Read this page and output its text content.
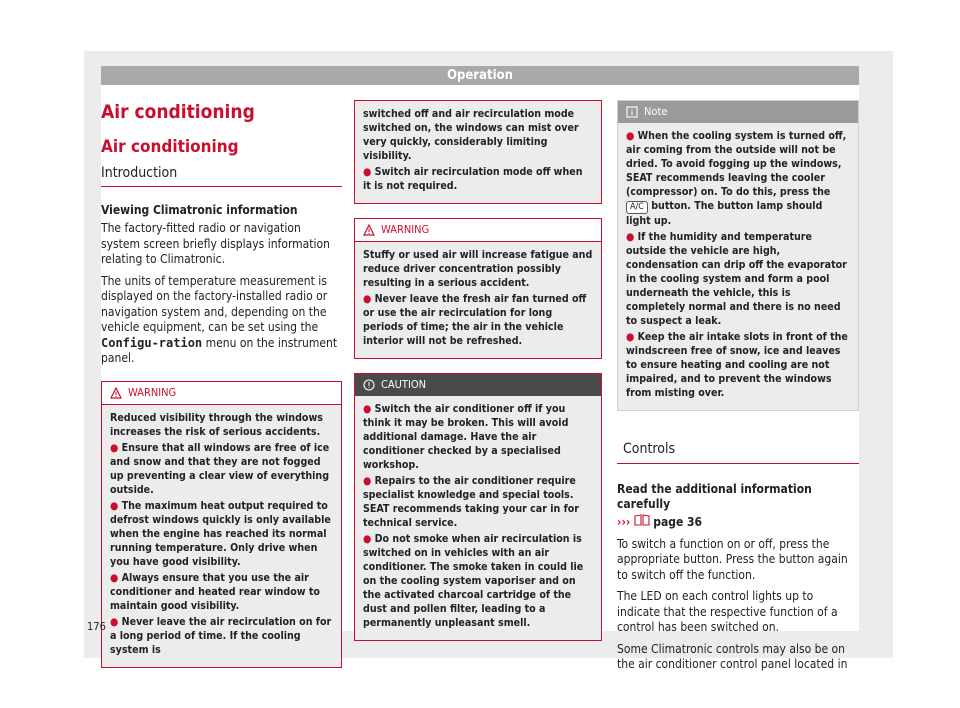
Operation
Air conditioning
Air conditioning
Introduction
Viewing Climatronic information

The factory-fitted radio or navigation system screen briefly displays information relating to Climatronic.

The units of temperature measurement is displayed on the factory-installed radio or navigation system and, depending on the vehicle equipment, can be set using the Configu-ration menu on the instrument panel.

WARNING

Reduced visibility through the windows increases the risk of serious accidents.

● Ensure that all windows are free of ice and snow and that they are not fogged up preventing a clear view of everything outside.

● The maximum heat output required to defrost windows quickly is only available when the engine has reached its normal running temperature. Only drive when you have good visibility.

● Always ensure that you use the air conditioner and heated rear window to maintain good visibility.

● Never leave the air recirculation on for a long period of time. If the cooling system is

switched off and air recirculation mode switched on, the windows can mist over very quickly, considerably limiting visibility.

● Switch air recirculation mode off when it is not required.

WARNING

Stuffy or used air will increase fatigue and reduce driver concentration possibly resulting in a serious accident.

● Never leave the fresh air fan turned off or use the air recirculation for long periods of time; the air in the vehicle interior will not be refreshed.

CAUTION

● Switch the air conditioner off if you think it may be broken. This will avoid additional damage. Have the air conditioner checked by a specialised workshop.

● Repairs to the air conditioner require specialist knowledge and special tools. SEAT recommends taking your car in for technical service.

● Do not smoke when air recirculation is switched on in vehicles with an air conditioner. The smoke taken in could lie on the cooling system vaporiser and on the activated charcoal cartridge of the dust and pollen filter, leading to a permanently unpleasant smell.

Note

● When the cooling system is turned off, air coming from the outside will not be dried. To avoid fogging up the windows, SEAT recommends leaving the cooler (compressor) on. To do this, press the A/C button. The button lamp should light up.

● If the humidity and temperature outside the vehicle are high, condensation can drip off the evaporator in the cooling system and form a pool underneath the vehicle, this is completely normal and there is no need to suspect a leak.

● Keep the air intake slots in front of the windscreen free of snow, ice and leaves to ensure heating and cooling are not impaired, and to prevent the windows from misting over.

Controls
Read the additional information carefully

››› page 36

To switch a function on or off, press the appropriate button. Press the button again to switch off the function.

The LED on each control lights up to indicate that the respective function of a control has been switched on.

Some Climatronic controls may also be on the air conditioner control panel located in

176
